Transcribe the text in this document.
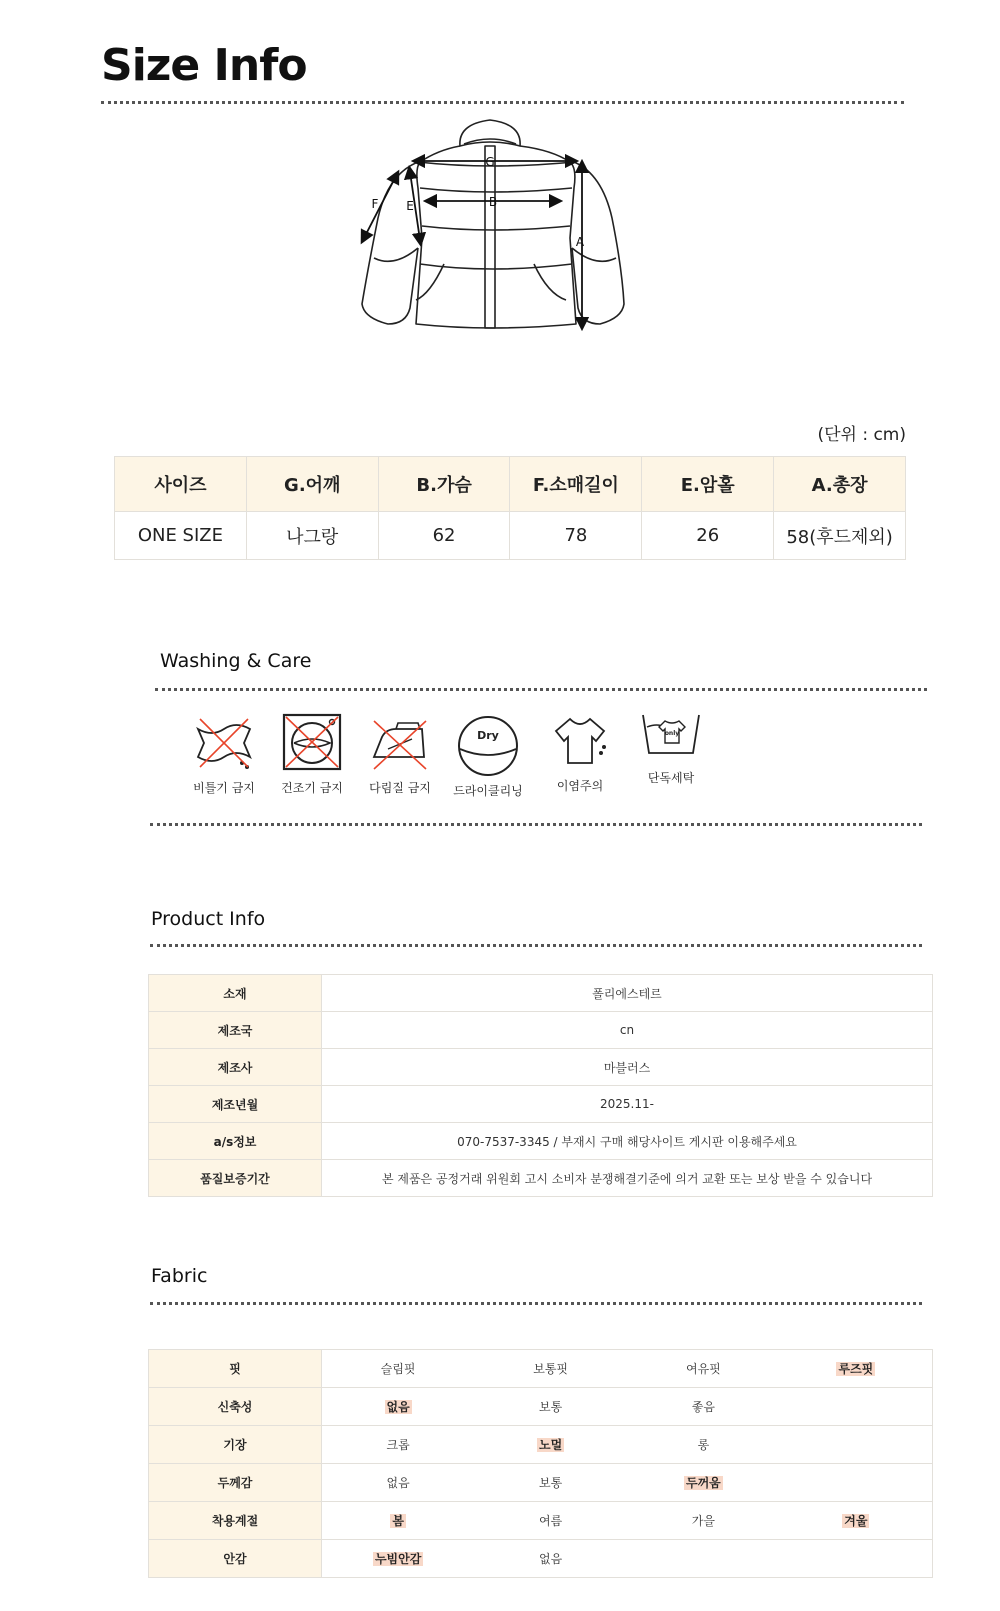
Size Info
G
B
F E
A
(단위 : cm)
사이즈	G.어깨	B.가슴	F.소매길이	E.암홀	A.총장
ONE SIZE	나그랑	62	78	26	58(후드제외)
Washing & Care
비틀기 금지	건조기 금지	다림질 금지
Dry
드라이클리닝	이염주의
only
단독세탁
Product Info
소재	폴리에스테르
제조국	cn
제조사	마블러스
제조년월	2025.11-
a/s정보	070-7537-3345 / 부재시 구매 해당사이트 게시판 이용해주세요
품질보증기간	본 제품은 공정거래 위원회 고시 소비자 분쟁해결기준에 의거 교환 또는 보상 받을 수 있습니다
Fabric
핏	슬림핏	보통핏	여유핏	루즈핏
신축성	없음	보통	좋음	
기장	크롭	노멀	롱	
두께감	없음	보통	두꺼움	
착용계절	봄	여름	가을	겨울
안감	누빔안감	없음		
